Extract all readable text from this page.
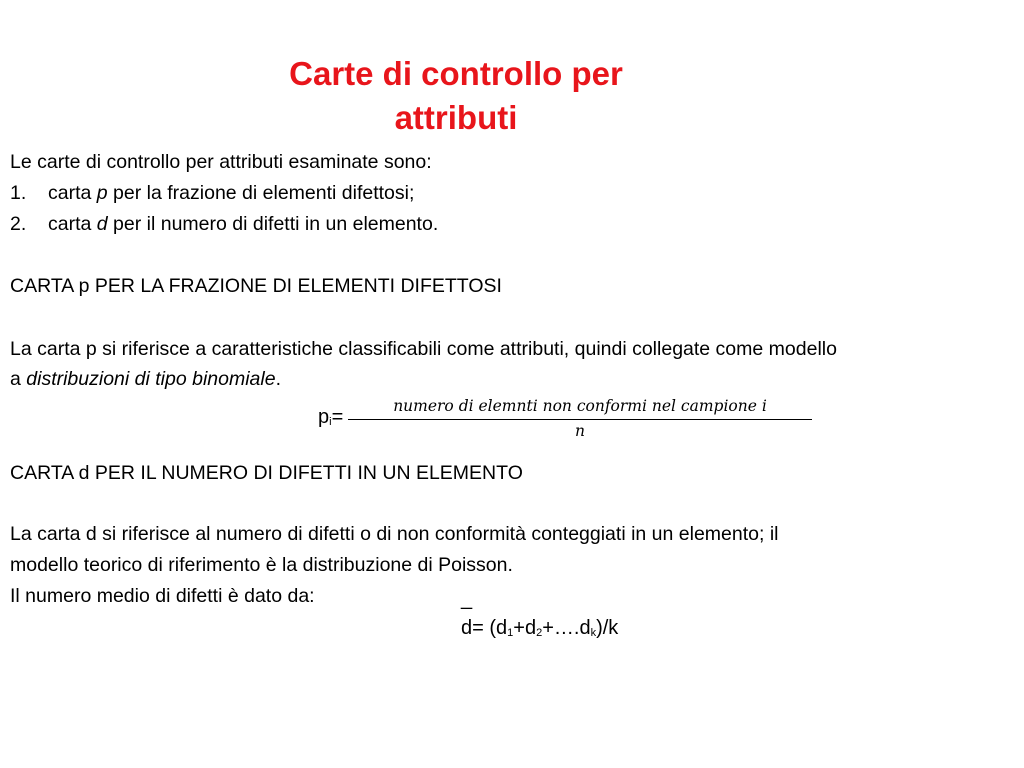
Carte di controllo per
attributi
Le carte di controllo per attributi esaminate sono:
1. carta p per la frazione di elementi difettosi;
2. carta d per il numero di difetti in un elemento.
CARTA p PER LA FRAZIONE DI ELEMENTI DIFETTOSI
La carta p si riferisce a caratteristiche classificabili come attributi, quindi collegate come modello
a distribuzioni di tipo binomiale.
$p_i=$	numero di elemnti non conformi nel campione i
n
CARTA d PER IL NUMERO DI DIFETTI IN UN ELEMENTO
La carta d si riferisce al numero di difetti o di non conformità conteggiati in un elemento; il
modello teorico di riferimento è la distribuzione di Poisson.
Il numero medio di difetti è dato da:	_
$d= (d_1+d_2+\dots.d_k)/k$
